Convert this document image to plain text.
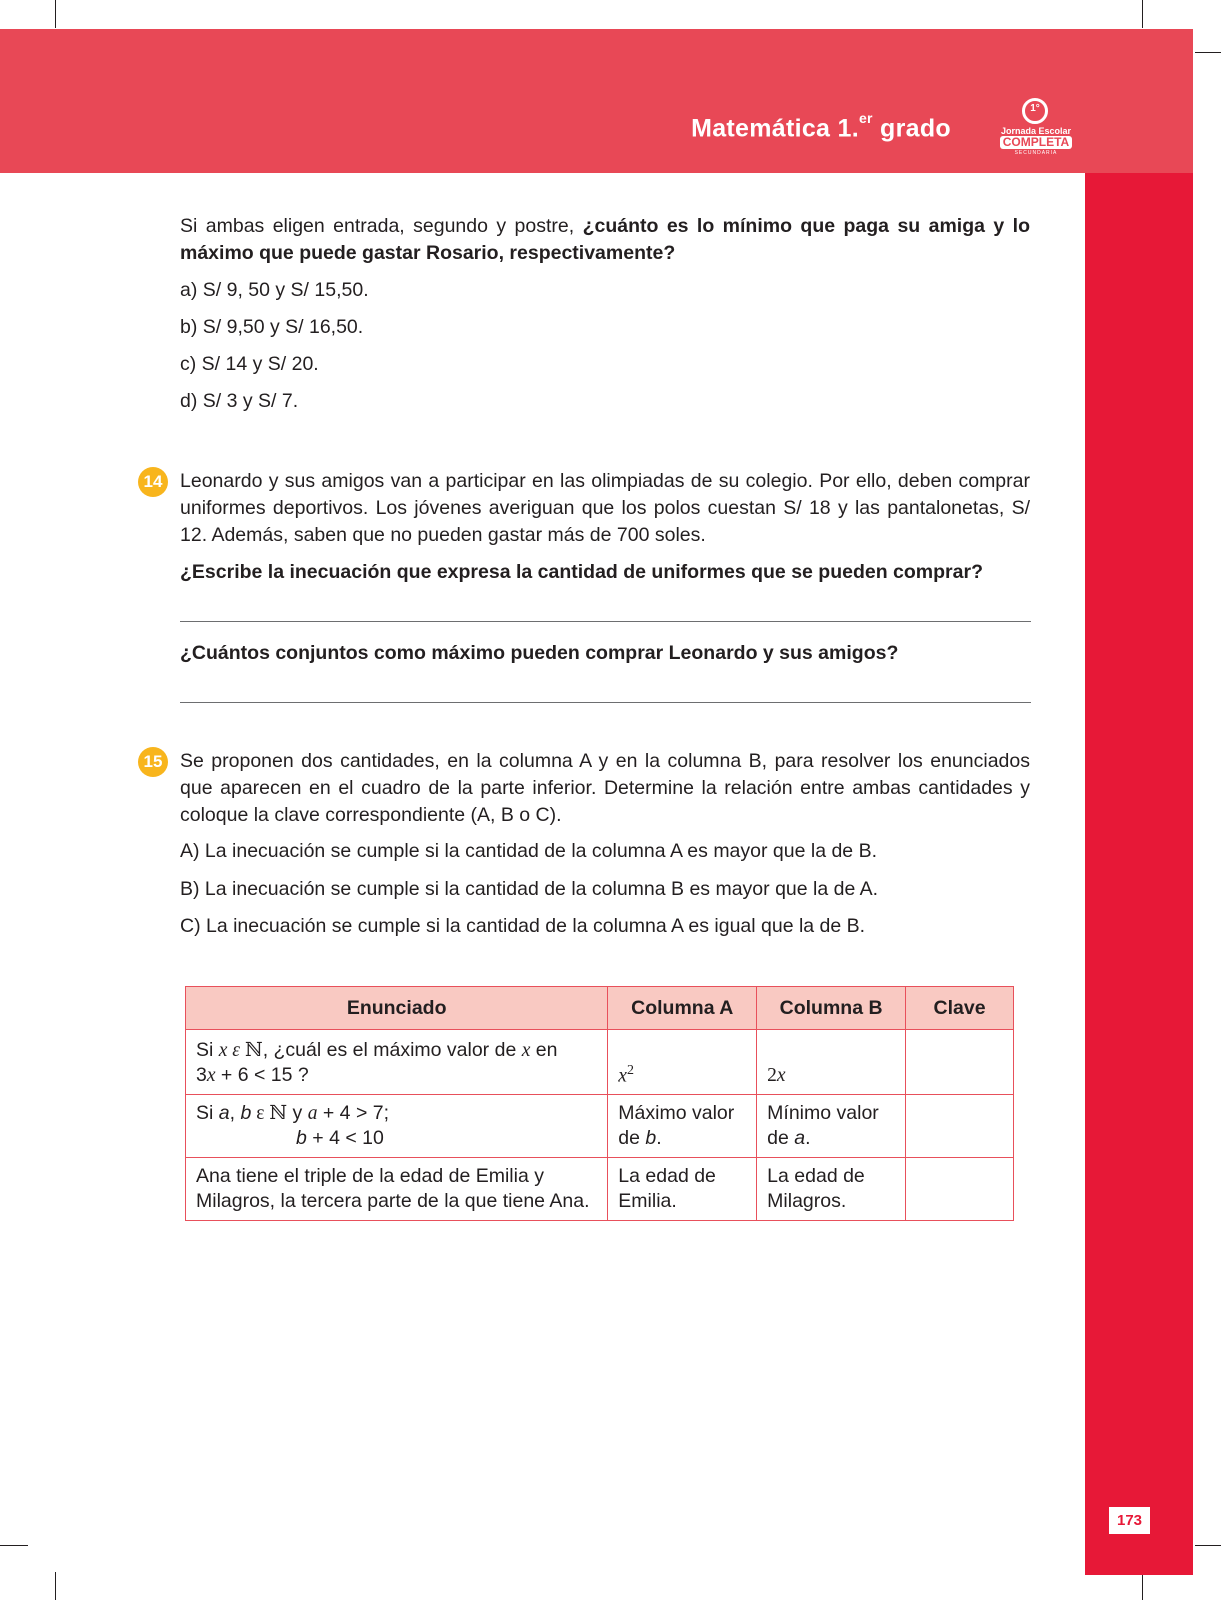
Matemática 1.$^{er}$ grado
1°
Jornada Escolar
COMPLETA
SECUNDARIA
173
Si ambas eligen entrada, segundo y postre, ¿cuánto es lo mínimo que paga su amiga y lo máximo que puede gastar Rosario, respectivamente?
a) S/ 9, 50 y S/ 15,50.
b) S/ 9,50 y S/ 16,50.
c) S/ 14 y S/ 20.
d) S/ 3 y S/ 7.
14 Leonardo y sus amigos van a participar en las olimpiadas de su colegio. Por ello, deben comprar uniformes deportivos. Los jóvenes averiguan que los polos cuestan S/ 18 y las pantalonetas, S/ 12. Además, saben que no pueden gastar más de 700 soles.
¿Escribe la inecuación que expresa la cantidad de uniformes que se pueden comprar?
¿Cuántos conjuntos como máximo pueden comprar Leonardo y sus amigos?
15 Se proponen dos cantidades, en la columna A y en la columna B, para resolver los enunciados que aparecen en el cuadro de la parte inferior. Determine la relación entre ambas cantidades y coloque la clave correspondiente (A, B o C).
A) La inecuación se cumple si la cantidad de la columna A es mayor que la de B.
B) La inecuación se cumple si la cantidad de la columna B es mayor que la de A.
C) La inecuación se cumple si la cantidad de la columna A es igual que la de B.
Enunciado	Columna A	Columna B	Clave
Si x ε ℕ, ¿cuál es el máximo valor de x en
3x + 6 < 15 ?	$x^2$	2x	
Si a, b ε ℕ y a + 4 > 7;
b + 4 < 10	Máximo valor de b.	Mínimo valor de a.	
Ana tiene el triple de la edad de Emilia y Milagros, la tercera parte de la que tiene Ana.	La edad de Emilia.	La edad de Milagros.	
